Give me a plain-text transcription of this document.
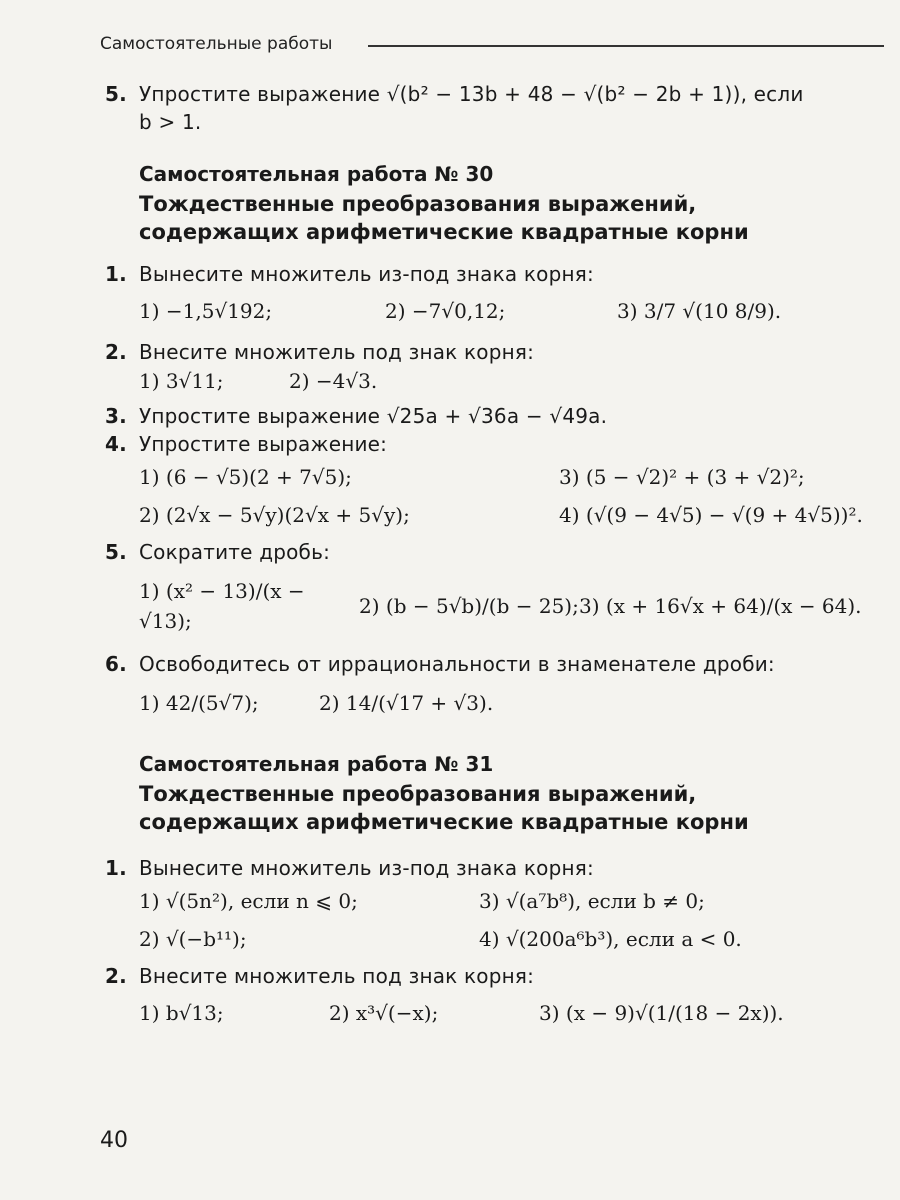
Самостоятельные работы
5. Упростите выражение √(b² − 13b + 48 − √(b² − 2b + 1)), если
b > 1.
Самостоятельная работа № 30
Тождественные преобразования выражений,
содержащих арифметические квадратные корни
1. Вынесите множитель из-под знака корня:
1) −1,5√192;	2) −7√0,12;	3) 3/7 √(10 8/9).
2. Внесите множитель под знак корня:
1) 3√11;	2) −4√3.
3. Упростите выражение √25a + √36a − √49a.
4. Упростите выражение:
1) (6 − √5)(2 + 7√5);	3) (5 − √2)² + (3 + √2)²;
2) (2√x − 5√y)(2√x + 5√y);	4) (√(9 − 4√5) − √(9 + 4√5))².
5. Сократите дробь:
1) (x² − 13)/(x − √13);
2) (b − 5√b)/(b − 25); 3) (x + 16√x + 64)/(x − 64).
6. Освободитесь от иррациональности в знаменателе дроби:
1) 42/(5√7);	2) 14/(√17 + √3).
Самостоятельная работа № 31
Тождественные преобразования выражений,
содержащих арифметические квадратные корни
1. Вынесите множитель из-под знака корня:
1) √(5n²), если n ⩽ 0;	3) √(a⁷b⁸), если b ≠ 0;
2) √(−b¹¹);	4) √(200a⁶b³), если a < 0.
2. Внесите множитель под знак корня:
1) b√13;	2) x³√(−x);	3) (x − 9)√(1/(18 − 2x)).
40
